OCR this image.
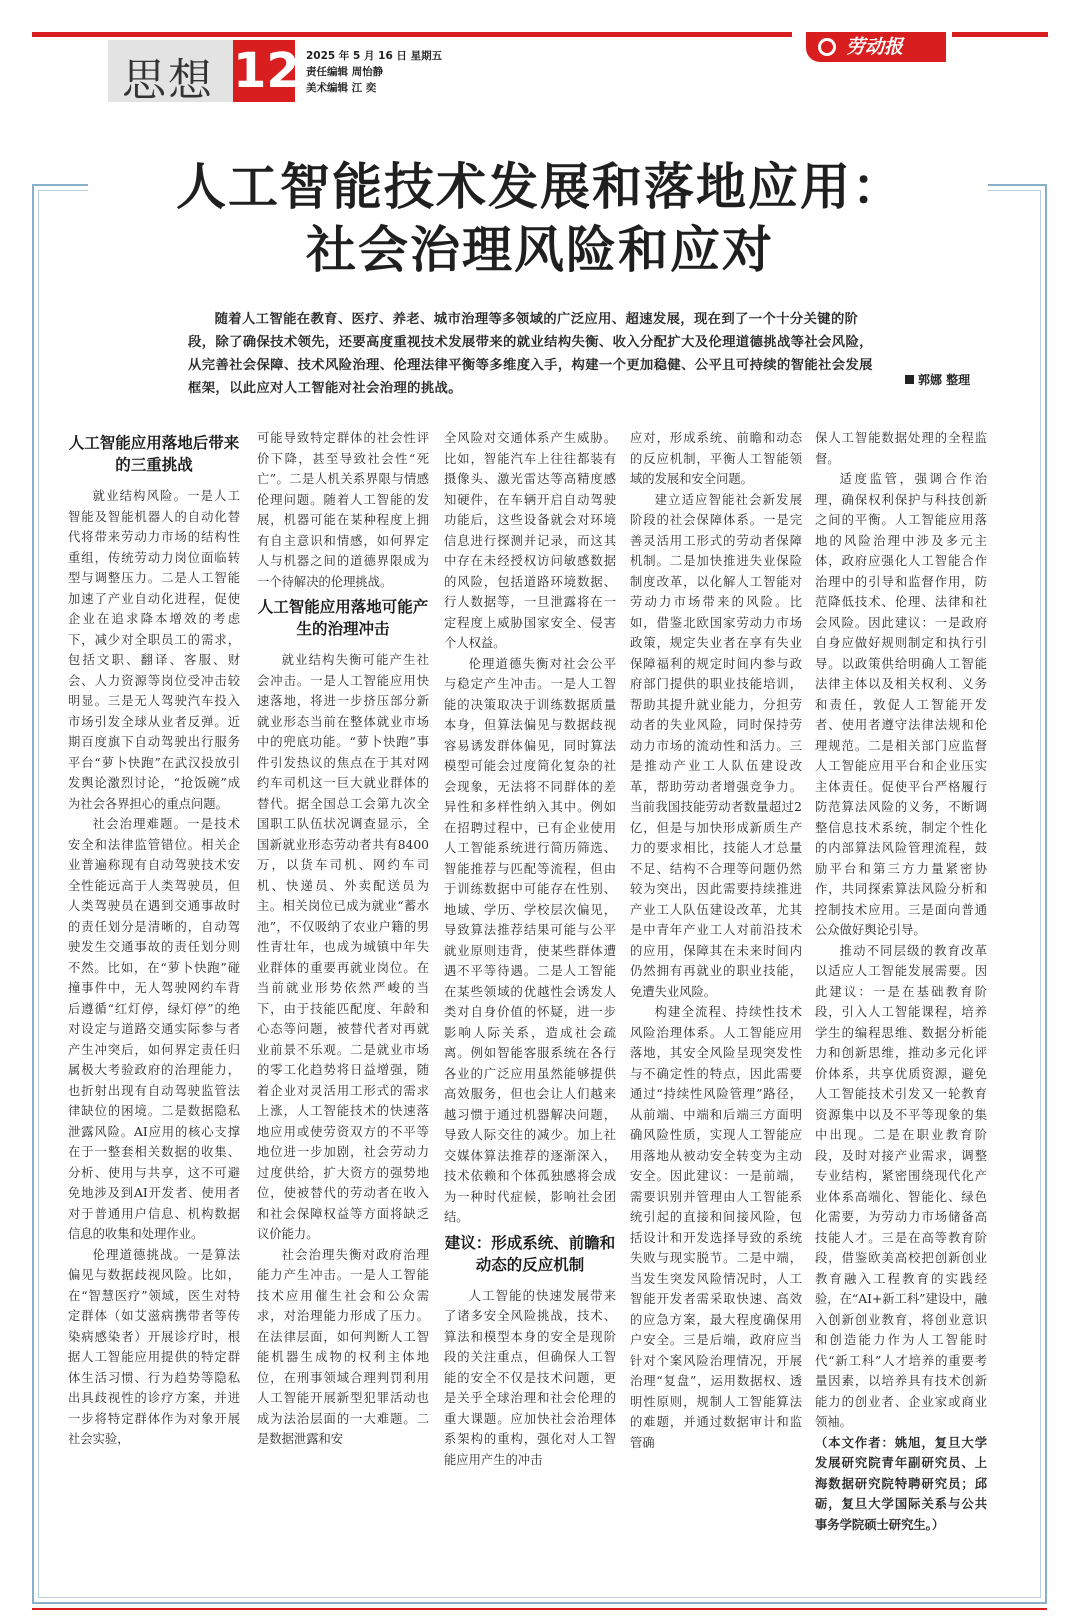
思想 12 2025 年 5 月 16 日 星期五
责任编辑 周怡静
美术编辑 江 奕
劳动报
人工智能技术发展和落地应用：
社会治理风险和应对
随着人工智能在教育、医疗、养老、城市治理等多领域的广泛应用、超速发展，现在到了一个十分关键的阶段，除了确保技术领先，还要高度重视技术发展带来的就业结构失衡、收入分配扩大及伦理道德挑战等社会风险，从完善社会保障、技术风险治理、伦理法律平衡等多维度入手，构建一个更加稳健、公平且可持续的智能社会发展框架，以此应对人工智能对社会治理的挑战。
郭娜 整理
人工智能应用落地后带来的三重挑战

就业结构风险。一是人工智能及智能机器人的自动化替代将带来劳动力市场的结构性重组，传统劳动力岗位面临转型与调整压力。二是人工智能加速了产业自动化进程，促使企业在追求降本增效的考虑下，减少对全职员工的需求，包括文职、翻译、客服、财会、人力资源等岗位受冲击较明显。三是无人驾驶汽车投入市场引发全球从业者反弹。近期百度旗下自动驾驶出行服务平台“萝卜快跑”在武汉投放引发舆论激烈讨论，“抢饭碗”成为社会各界担心的重点问题。

社会治理难题。一是技术安全和法律监管错位。相关企业普遍称现有自动驾驶技术安全性能远高于人类驾驶员，但人类驾驶员在遇到交通事故时的责任划分是清晰的，自动驾驶发生交通事故的责任划分则不然。比如，在“萝卜快跑”碰撞事件中，无人驾驶网约车背后遵循“红灯停，绿灯停”的绝对设定与道路交通实际参与者产生冲突后，如何界定责任归属极大考验政府的治理能力，也折射出现有自动驾驶监管法律缺位的困境。二是数据隐私泄露风险。AI应用的核心支撑在于一整套相关数据的收集、分析、使用与共享，这不可避免地涉及到AI开发者、使用者对于普通用户信息、机构数据信息的收集和处理作业。

伦理道德挑战。一是算法偏见与数据歧视风险。比如，在“智慧医疗”领域，医生对特定群体（如艾滋病携带者等传染病感染者）开展诊疗时，根据人工智能应用提供的特定群体生活习惯、行为趋势等隐私出具歧视性的诊疗方案，并进一步将特定群体作为对象开展社会实验，

可能导致特定群体的社会性评价下降，甚至导致社会性“死亡”。二是人机关系界限与情感伦理问题。随着人工智能的发展，机器可能在某种程度上拥有自主意识和情感，如何界定人与机器之间的道德界限成为一个待解决的伦理挑战。

人工智能应用落地可能产生的治理冲击

就业结构失衡可能产生社会冲击。一是人工智能应用快速落地，将进一步挤压部分新就业形态当前在整体就业市场中的兜底功能。“萝卜快跑”事件引发热议的焦点在于其对网约车司机这一巨大就业群体的替代。据全国总工会第九次全国职工队伍状况调查显示，全国新就业形态劳动者共有8400万，以货车司机、网约车司机、快递员、外卖配送员为主。相关岗位已成为就业“蓄水池”，不仅吸纳了农业户籍的男性青壮年，也成为城镇中年失业群体的重要再就业岗位。在当前就业形势依然严峻的当下，由于技能匹配度、年龄和心态等问题，被替代者对再就业前景不乐观。二是就业市场的零工化趋势将日益增强，随着企业对灵活用工形式的需求上涨，人工智能技术的快速落地应用或使劳资双方的不平等地位进一步加剧，社会劳动力过度供给，扩大资方的强势地位，使被替代的劳动者在收入和社会保障权益等方面将缺乏议价能力。

社会治理失衡对政府治理能力产生冲击。一是人工智能技术应用催生社会和公众需求，对治理能力形成了压力。在法律层面，如何判断人工智能机器生成物的权利主体地位，在刑事领域合理判罚利用人工智能开展新型犯罪活动也成为法治层面的一大难题。二是数据泄露和安

全风险对交通体系产生威胁。比如，智能汽车上往往都装有摄像头、激光雷达等高精度感知硬件，在车辆开启自动驾驶功能后，这些设备就会对环境信息进行探测并记录，而这其中存在未经授权访问敏感数据的风险，包括道路环境数据、行人数据等，一旦泄露将在一定程度上威胁国家安全、侵害个人权益。

伦理道德失衡对社会公平与稳定产生冲击。一是人工智能的决策取决于训练数据质量本身，但算法偏见与数据歧视容易诱发群体偏见，同时算法模型可能会过度简化复杂的社会现象，无法将不同群体的差异性和多样性纳入其中。例如在招聘过程中，已有企业使用人工智能系统进行简历筛选、智能推荐与匹配等流程，但由于训练数据中可能存在性别、地域、学历、学校层次偏见，导致算法推荐结果可能与公平就业原则违背，使某些群体遭遇不平等待遇。二是人工智能在某些领域的优越性会诱发人类对自身价值的怀疑，进一步影响人际关系，造成社会疏离。例如智能客服系统在各行各业的广泛应用虽然能够提供高效服务，但也会让人们越来越习惯于通过机器解决问题，导致人际交往的减少。加上社交媒体算法推荐的逐渐深入，技术依赖和个体孤独感将会成为一种时代症候，影响社会团结。

建议：形成系统、前瞻和动态的反应机制

人工智能的快速发展带来了诸多安全风险挑战，技术、算法和模型本身的安全是现阶段的关注重点，但确保人工智能的安全不仅是技术问题，更是关乎全球治理和社会伦理的重大课题。应加快社会治理体系架构的重构，强化对人工智能应用产生的冲击

应对，形成系统、前瞻和动态的反应机制，平衡人工智能领域的发展和安全问题。

建立适应智能社会新发展阶段的社会保障体系。一是完善灵活用工形式的劳动者保障机制。二是加快推进失业保险制度改革，以化解人工智能对劳动力市场带来的风险。比如，借鉴北欧国家劳动力市场政策，规定失业者在享有失业保障福利的规定时间内参与政府部门提供的职业技能培训，帮助其提升就业能力，分担劳动者的失业风险，同时保持劳动力市场的流动性和活力。三是推动产业工人队伍建设改革，帮助劳动者增强竞争力。当前我国技能劳动者数量超过2亿，但是与加快形成新质生产力的要求相比，技能人才总量不足、结构不合理等问题仍然较为突出，因此需要持续推进产业工人队伍建设改革，尤其是中青年产业工人对前沿技术的应用，保障其在未来时间内仍然拥有再就业的职业技能，免遭失业风险。

构建全流程、持续性技术风险治理体系。人工智能应用落地，其安全风险呈现突发性与不确定性的特点，因此需要通过“持续性风险管理”路径，从前端、中端和后端三方面明确风险性质，实现人工智能应用落地从被动安全转变为主动安全。因此建议：一是前端，需要识别并管理由人工智能系统引起的直接和间接风险，包括设计和开发选择导致的系统失败与现实脱节。二是中端，当发生突发风险情况时，人工智能开发者需采取快速、高效的应急方案，最大程度确保用户安全。三是后端，政府应当针对个案风险治理情况，开展治理“复盘”，运用数据权、透明性原则，规制人工智能算法的难题，并通过数据审计和监管确

保人工智能数据处理的全程监督。

适度监管，强调合作治理，确保权利保护与科技创新之间的平衡。人工智能应用落地的风险治理中涉及多元主体，政府应强化人工智能合作治理中的引导和监督作用，防范降低技术、伦理、法律和社会风险。因此建议：一是政府自身应做好规则制定和执行引导。以政策供给明确人工智能法律主体以及相关权利、义务和责任，敦促人工智能开发者、使用者遵守法律法规和伦理规范。二是相关部门应监督人工智能应用平台和企业压实主体责任。促使平台严格履行防范算法风险的义务，不断调整信息技术系统，制定个性化的内部算法风险管理流程，鼓励平台和第三方力量紧密协作，共同探索算法风险分析和控制技术应用。三是面向普通公众做好舆论引导。

推动不同层级的教育改革以适应人工智能发展需要。因此建议：一是在基础教育阶段，引入人工智能课程，培养学生的编程思维、数据分析能力和创新思维，推动多元化评价体系，共享优质资源，避免人工智能技术引发又一轮教育资源集中以及不平等现象的集中出现。二是在职业教育阶段，及时对接产业需求，调整专业结构，紧密围绕现代化产业体系高端化、智能化、绿色化需要，为劳动力市场储备高技能人才。三是在高等教育阶段，借鉴欧美高校把创新创业教育融入工程教育的实践经验，在“AI+新工科”建设中，融入创新创业教育，将创业意识和创造能力作为人工智能时代“新工科”人才培养的重要考量因素，以培养具有技术创新能力的创业者、企业家或商业领袖。

（本文作者：姚旭，复旦大学发展研究院青年副研究员、上海数据研究院特聘研究员；邱砺，复旦大学国际关系与公共事务学院硕士研究生。）
